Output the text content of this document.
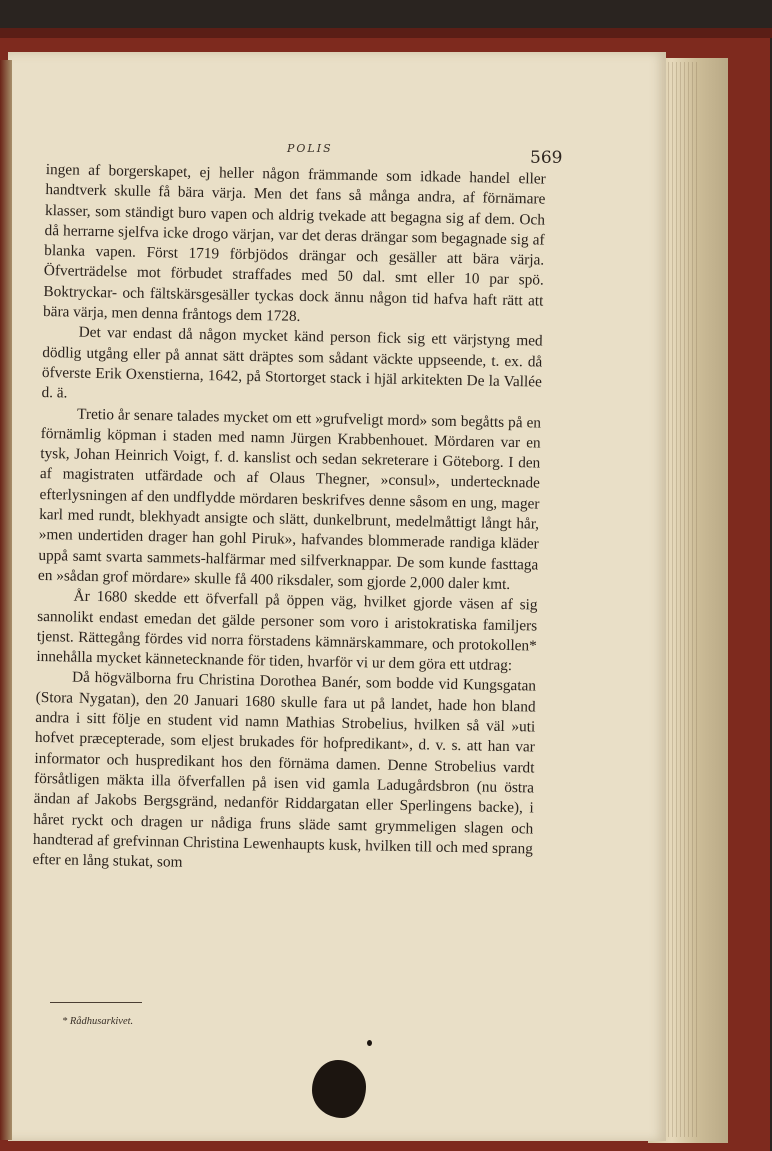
POLIS	569

ingen af borgerskapet, ej heller någon främmande som idkade handel eller handtverk skulle få bära värja. Men det fans så många andra, af förnämare klasser, som ständigt buro vapen och aldrig tvekade att begagna sig af dem. Och då herrarne sjelfva icke drogo värjan, var det deras drängar som begagnade sig af blanka vapen. Först 1719 förbjödos drängar och gesäller att bära värja. Öfverträdelse mot förbudet straffades med 50 dal. smt eller 10 par spö. Boktryckar- och fältskärsgesäller tyckas dock ännu någon tid hafva haft rätt att bära värja, men denna fråntogs dem 1728.

Det var endast då någon mycket känd person fick sig ett värjstyng med dödlig utgång eller på annat sätt dräptes som sådant väckte uppseende, t. ex. då öfverste Erik Oxenstierna, 1642, på Stortorget stack i hjäl arkitekten De la Vallée d. ä.

Tretio år senare talades mycket om ett »grufveligt mord» som begåtts på en förnämlig köpman i staden med namn Jürgen Krabbenhouet. Mördaren var en tysk, Johan Heinrich Voigt, f. d. kanslist och sedan sekreterare i Göteborg. I den af magistraten utfärdade och af Olaus Thegner, »consul», undertecknade efterlysningen af den undflydde mördaren beskrifves denne såsom en ung, mager karl med rundt, blekhyadt ansigte och slätt, dunkelbrunt, medelmåttigt långt hår, »men undertiden drager han gohl Piruk», hafvandes blommerade randiga kläder uppå samt svarta sammets-halfärmar med silfverknappar. De som kunde fasttaga en »sådan grof mördare» skulle få 400 riksdaler, som gjorde 2,000 daler kmt.

År 1680 skedde ett öfverfall på öppen väg, hvilket gjorde väsen af sig sannolikt endast emedan det gälde personer som voro i aristokratiska familjers tjenst. Rättegång fördes vid norra förstadens kämnärskammare, och protokollen* innehålla mycket kännetecknande för tiden, hvarför vi ur dem göra ett utdrag:

Då högvälborna fru Christina Dorothea Banér, som bodde vid Kungsgatan (Stora Nygatan), den 20 Januari 1680 skulle fara ut på landet, hade hon bland andra i sitt följe en student vid namn Mathias Strobelius, hvilken så väl »uti hofvet præcepterade, som eljest brukades för hofpredikant», d. v. s. att han var informator och huspredikant hos den förnäma damen. Denne Strobelius vardt försåtligen mäkta illa öfverfallen på isen vid gamla Ladugårdsbron (nu östra ändan af Jakobs Bergsgränd, nedanför Riddargatan eller Sperlingens backe), i håret ryckt och dragen ur nådiga fruns släde samt grymmeligen slagen och handterad af grefvinnan Christina Lewenhaupts kusk, hvilken till och med sprang efter en lång stukat, som

* Rådhusarkivet.
